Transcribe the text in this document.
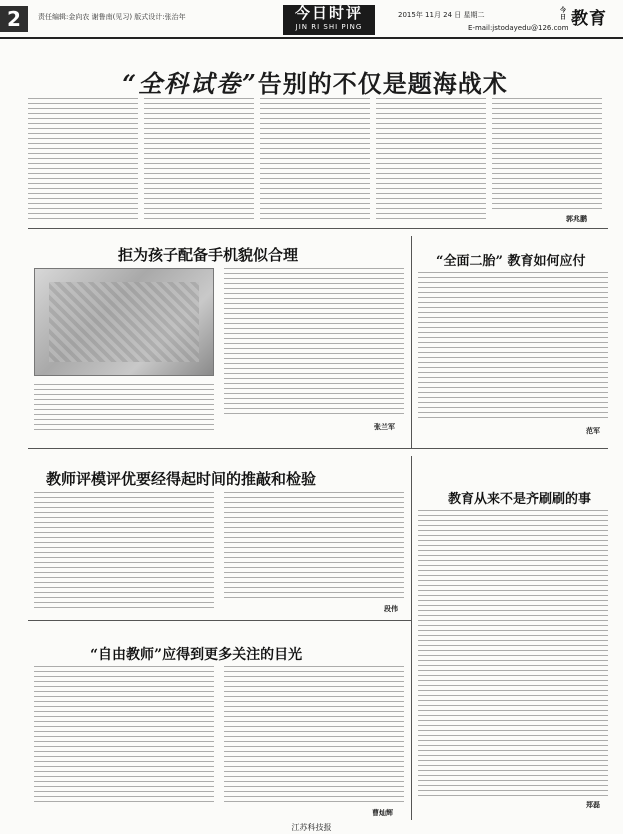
2	责任编辑:金向农 谢鲁南(见习) 版式设计:张治年	今日时评
JIN RI SHI PING
2015年 11月 24 日 星期二
E-mail:jstodayedu@126.com
今日 教育
“全科试卷”告别的不仅是题海战术
郭兆鹏
拒为孩子配备手机貌似合理
张兰军
“全面二胎” 教育如何应付
范军
教师评模评优要经得起时间的推敲和检验
段伟
教育从来不是齐刷刷的事
郑磊
“自由教师”应得到更多关注的目光
曹灿辉
江苏科技报
